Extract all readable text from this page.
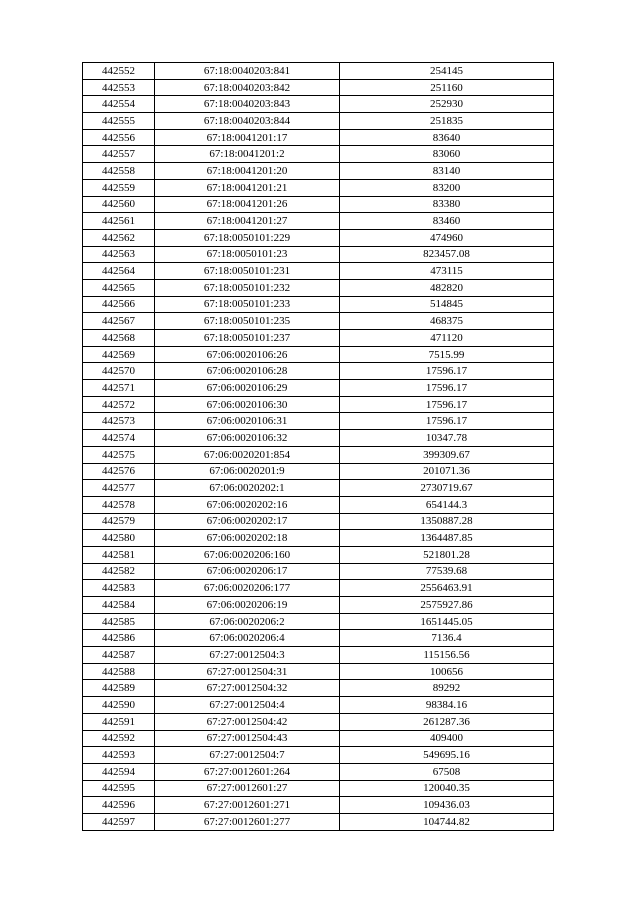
442552	67:18:0040203:841	254145
442553	67:18:0040203:842	251160
442554	67:18:0040203:843	252930
442555	67:18:0040203:844	251835
442556	67:18:0041201:17	83640
442557	67:18:0041201:2	83060
442558	67:18:0041201:20	83140
442559	67:18:0041201:21	83200
442560	67:18:0041201:26	83380
442561	67:18:0041201:27	83460
442562	67:18:0050101:229	474960
442563	67:18:0050101:23	823457.08
442564	67:18:0050101:231	473115
442565	67:18:0050101:232	482820
442566	67:18:0050101:233	514845
442567	67:18:0050101:235	468375
442568	67:18:0050101:237	471120
442569	67:06:0020106:26	7515.99
442570	67:06:0020106:28	17596.17
442571	67:06:0020106:29	17596.17
442572	67:06:0020106:30	17596.17
442573	67:06:0020106:31	17596.17
442574	67:06:0020106:32	10347.78
442575	67:06:0020201:854	399309.67
442576	67:06:0020201:9	201071.36
442577	67:06:0020202:1	2730719.67
442578	67:06:0020202:16	654144.3
442579	67:06:0020202:17	1350887.28
442580	67:06:0020202:18	1364487.85
442581	67:06:0020206:160	521801.28
442582	67:06:0020206:17	77539.68
442583	67:06:0020206:177	2556463.91
442584	67:06:0020206:19	2575927.86
442585	67:06:0020206:2	1651445.05
442586	67:06:0020206:4	7136.4
442587	67:27:0012504:3	115156.56
442588	67:27:0012504:31	100656
442589	67:27:0012504:32	89292
442590	67:27:0012504:4	98384.16
442591	67:27:0012504:42	261287.36
442592	67:27:0012504:43	409400
442593	67:27:0012504:7	549695.16
442594	67:27:0012601:264	67508
442595	67:27:0012601:27	120040.35
442596	67:27:0012601:271	109436.03
442597	67:27:0012601:277	104744.82
